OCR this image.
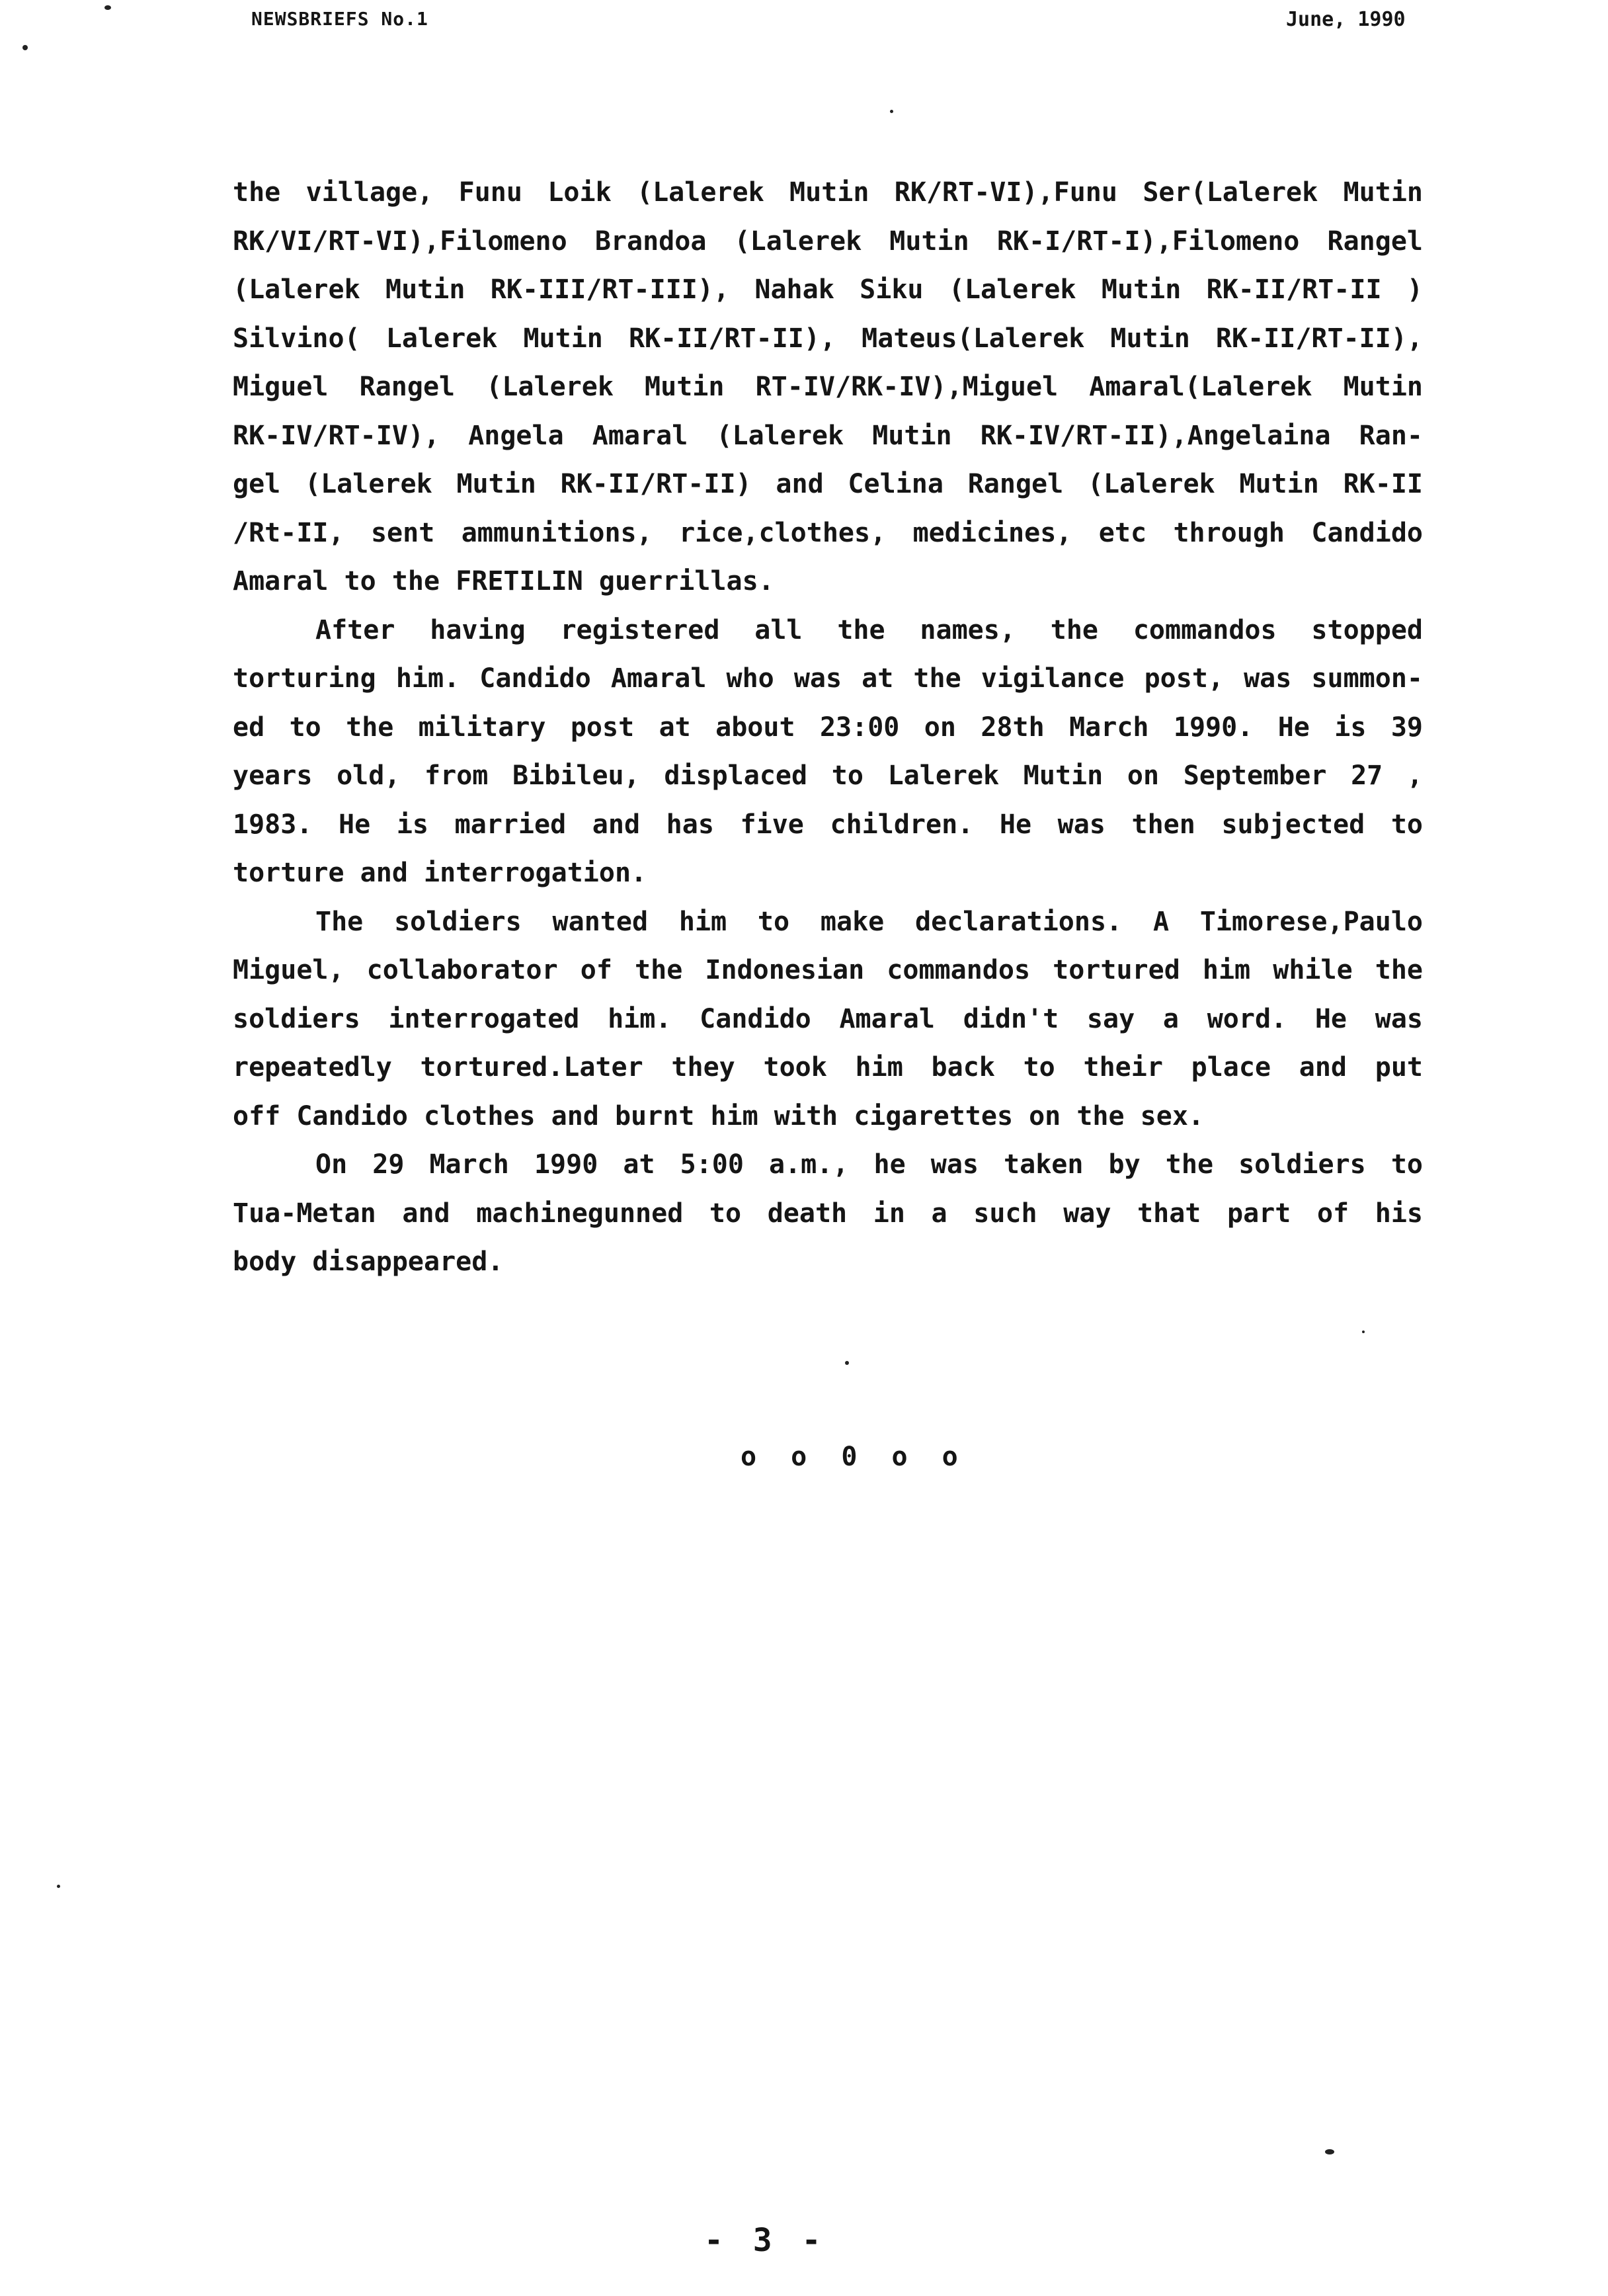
NEWSBRIEFS No.1	June, 1990

the village, Funu Loik (Lalerek Mutin RK/RT-VI),Funu Ser(Lalerek Mutin
RK/VI/RT-VI),Filomeno Brandoa (Lalerek Mutin RK-I/RT-I),Filomeno Rangel
(Lalerek Mutin RK-III/RT-III), Nahak Siku (Lalerek Mutin RK-II/RT-II )
Silvino( Lalerek Mutin RK-II/RT-II), Mateus(Lalerek Mutin RK-II/RT-II),
Miguel Rangel (Lalerek Mutin RT-IV/RK-IV),Miguel Amaral(Lalerek Mutin
RK-IV/RT-IV), Angela Amaral (Lalerek Mutin RK-IV/RT-II),Angelaina Ran-
gel (Lalerek Mutin RK-II/RT-II) and Celina Rangel (Lalerek Mutin RK-II
/Rt-II, sent ammunitions, rice,clothes, medicines, etc through Candido
Amaral to the FRETILIN guerrillas.

After having registered all the names, the commandos stopped
torturing him. Candido Amaral who was at the vigilance post, was summon-
ed to the military post at about 23:00 on 28th March 1990. He is 39
years old, from Bibileu, displaced to Lalerek Mutin on September 27 ,
1983. He is married and has five children. He was then subjected to
torture and interrogation.

The soldiers wanted him to make declarations. A Timorese,Paulo
Miguel, collaborator of the Indonesian commandos tortured him while the
soldiers interrogated him. Candido Amaral didn't say a word. He was
repeatedly tortured.Later they took him back to their place and put
off Candido clothes and burnt him with cigarettes on the sex.

On 29 March 1990 at 5:00 a.m., he was taken by the soldiers to
Tua-Metan and machinegunned to death in a such way that part of his
body disappeared.

o o 0 o o
- 3 -
